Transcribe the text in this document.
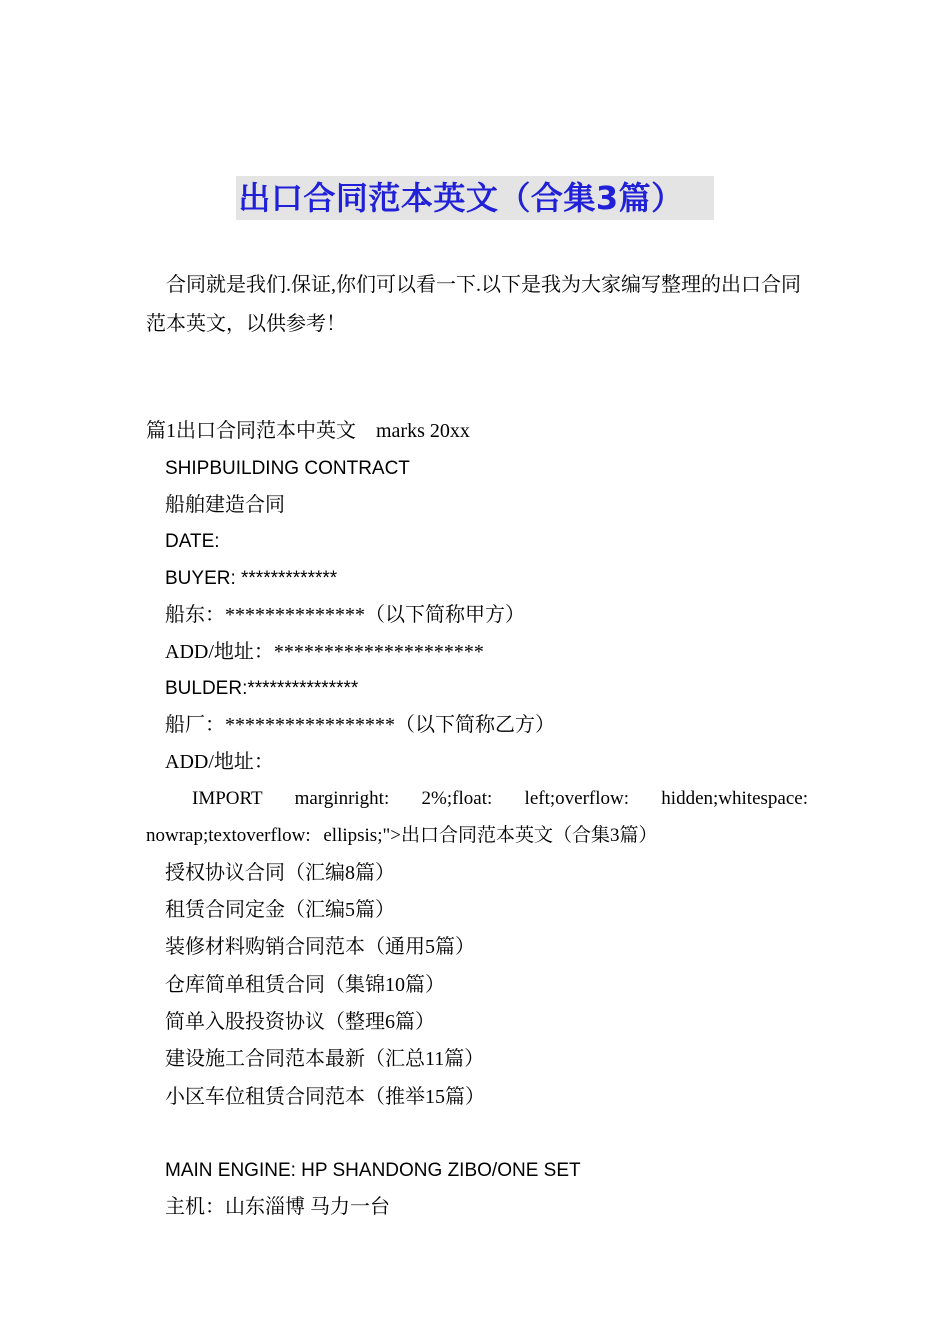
出口合同范本英文（合集3篇）
合同就是我们.保证,你们可以看一下.以下是我为大家编写整理的出口合同范本英文，以供参考！
篇1出口合同范本中英文　marks 20xx
SHIPBUILDING CONTRACT
船舶建造合同
DATE:
BUYER: *************
船东：**************（以下简称甲方）
ADD/地址：*********************
BULDER:***************
船厂：*****************（以下简称乙方）
ADD/地址：
IMPORT marginright: 2%;float: left;overflow: hidden;whitespace: nowrap;textoverflow: ellipsis;">出口合同范本英文（合集3篇）
授权协议合同（汇编8篇）
租赁合同定金（汇编5篇）
装修材料购销合同范本（通用5篇）
仓库简单租赁合同（集锦10篇）
简单入股投资协议（整理6篇）
建设施工合同范本最新（汇总11篇）
小区车位租赁合同范本（推举15篇）
MAIN ENGINE: HP SHANDONG ZIBO/ONE SET
主机：山东淄博 马力一台
